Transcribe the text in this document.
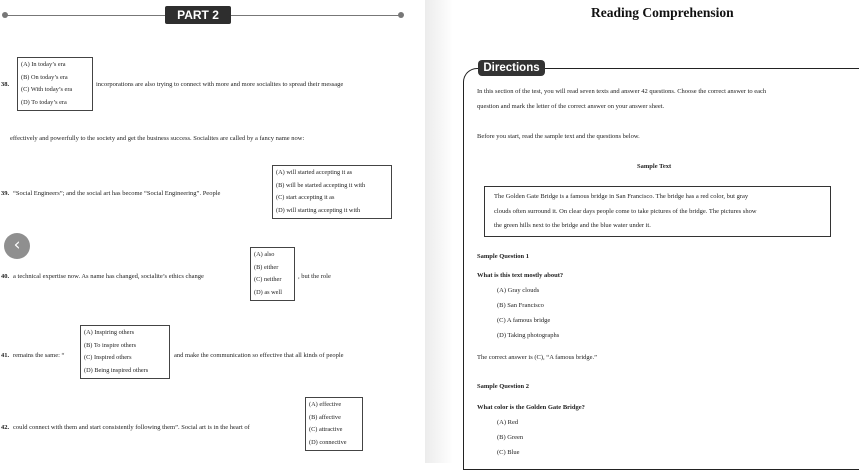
PART 2
(A) In today’s era
(B) On today’s era
(C) With today’s era
(D) To today’s era
38.	incorporations are also trying to connect with more and more socialites to spread their message
effectively and powerfully to the society and get the business success. Socialites are called by a fancy name now:
(A) will started accepting it as
(B) will be started accepting it with
(C) start accepting it as
(D) will starting accepting it with
39. “Social Engineers”; and the social art has become “Social Engineering”. People
‹	(A) also
(B) either
(C) neither
(D) as well
40. a technical expertise now. As name has changed, socialite’s ethics change	, but the role
(A) Inspiring others
(B) To inspire others
(C) Inspired others
(D) Being inspired others
41. remains the same: “	and make the communication so effective that all kinds of people
(A) effective
(B) affective
(C) attractive
(D) connective
42. could connect with them and start consistently following them”. Social art is in the heart of
Reading Comprehension
Directions
In this section of the test, you will read seven texts and answer 42 questions. Choose the correct answer to each
question and mark the letter of the correct answer on your answer sheet.
Before you start, read the sample text and the questions below.
Sample Text
The Golden Gate Bridge is a famous bridge in San Francisco. The bridge has a red color, but gray
clouds often surround it. On clear days people come to take pictures of the bridge. The pictures show
the green hills next to the bridge and the blue water under it.
Sample Question 1
What is this text mostly about?
(A) Gray clouds
(B) San Francisco
(C) A famous bridge
(D) Taking photographs
The correct answer is (C), “A famous bridge.”
Sample Question 2
What color is the Golden Gate Bridge?
(A) Red
(B) Green
(C) Blue
